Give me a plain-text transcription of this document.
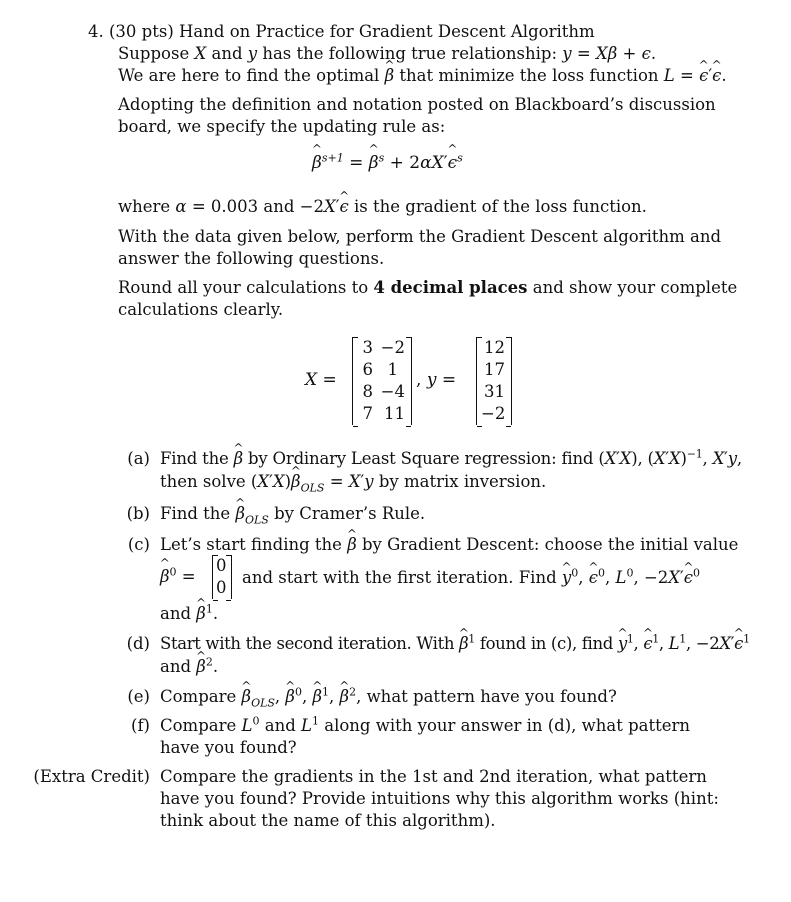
4. (30 pts) Hand on Practice for Gradient Descent Algorithm
Suppose X and y has the following true relationship: y = Xβ + ϵ.
We are here to find the optimal ^ β that minimize the loss function L = ^ ϵ′^ ϵ.
Adopting the definition and notation posted on Blackboard’s discussion
board, we specify the updating rule as:
^ $\beta^{s+1}$ = ^ $\beta^s$ + 2αX′^ $\epsilon^s$
where α = 0.003 and −2X′^ ϵ is the gradient of the loss function.
With the data given below, perform the Gradient Descent algorithm and
answer the following questions.
Round all your calculations to 4 decimal places and show your complete
calculations clearly.
X =
3 −2
6 1
8 −4
7 11
, y =
12
17
31
−2
(a) Find the ^ β by Ordinary Least Square regression: find (X′X), $(X'X)^{-1}$, X′y,
then solve (X′X)^ $\beta_{OLS} = X'y$ by matrix inversion.
(b) Find the ^ $\beta_{OLS}$ by Cramer’s Rule.
(c) Let’s start finding the ^ β by Gradient Descent: choose the initial value
^ $\beta^0$ =
0
0
and start with the first iteration. Find ^ $y^0$, ^ $\epsilon^0$, $L^0$, −2X′^ $\epsilon^0$
and ^ $\beta^1$.
(d) Start with the second iteration. With ^ $\beta^1$ found in (c), find ^ $y^1$, ^ $\epsilon^1$, $L^1$, −2X′^ $\epsilon^1$
and ^ $\beta^2$.
(e) Compare ^ $\beta_{OLS}$, ^ $\beta^0$, ^ $\beta^1$, ^ $\beta^2$, what pattern have you found?
(f) Compare $L^0$ and $L^1$ along with your answer in (d), what pattern
have you found?
(Extra Credit) Compare the gradients in the 1st and 2nd iteration, what pattern
have you found? Provide intuitions why this algorithm works (hint:
think about the name of this algorithm).
